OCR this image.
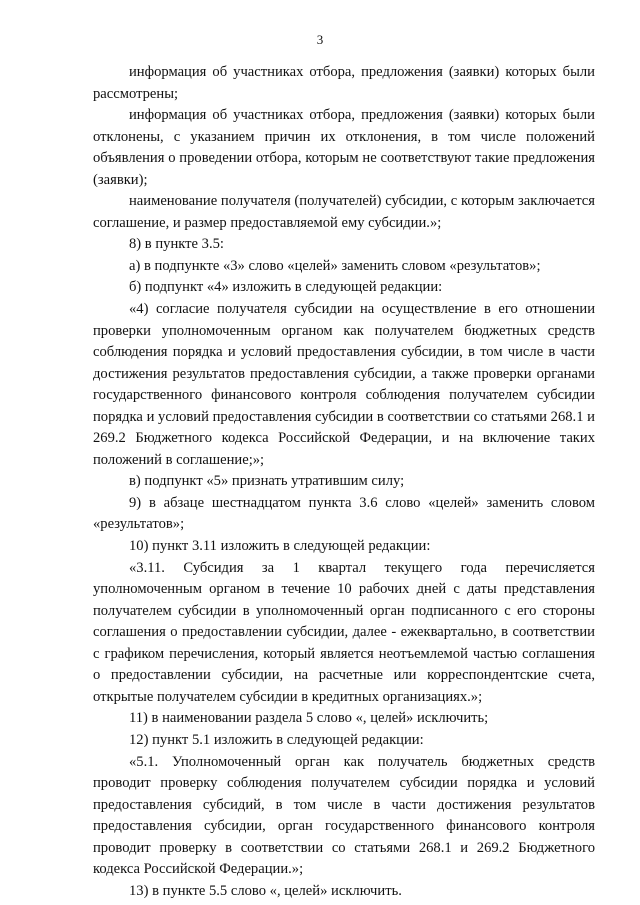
3

информация об участниках отбора, предложения (заявки) которых были рассмотрены;

информация об участниках отбора, предложения (заявки) которых были отклонены, с указанием причин их отклонения, в том числе положений объявления о проведении отбора, которым не соответствуют такие предложения (заявки);

наименование получателя (получателей) субсидии, с которым заключается соглашение, и размер предоставляемой ему субсидии.»;

8) в пункте 3.5:

а) в подпункте «3» слово «целей» заменить словом «результатов»;

б) подпункт «4» изложить в следующей редакции:

«4) согласие получателя субсидии на осуществление в его отношении проверки уполномоченным органом как получателем бюджетных средств соблюдения порядка и условий предоставления субсидии, в том числе в части достижения результатов предоставления субсидии, а также проверки органами государственного финансового контроля соблюдения получателем субсидии порядка и условий предоставления субсидии в соответствии со статьями 268.1 и 269.2 Бюджетного кодекса Российской Федерации, и на включение таких положений в соглашение;»;

в) подпункт «5» признать утратившим силу;

9) в абзаце шестнадцатом пункта 3.6 слово «целей» заменить словом «результатов»;

10) пункт 3.11 изложить в следующей редакции:

«3.11. Субсидия за 1 квартал текущего года перечисляется уполномоченным органом в течение 10 рабочих дней с даты представления получателем субсидии в уполномоченный орган подписанного с его стороны соглашения о предоставлении субсидии, далее - ежеквартально, в соответствии с графиком перечисления, который является неотъемлемой частью соглашения о предоставлении субсидии, на расчетные или корреспондентские счета, открытые получателем субсидии в кредитных организациях.»;

11) в наименовании раздела 5 слово «, целей» исключить;

12) пункт 5.1 изложить в следующей редакции:

«5.1. Уполномоченный орган как получатель бюджетных средств проводит проверку соблюдения получателем субсидии порядка и условий предоставления субсидий, в том числе в части достижения результатов предоставления субсидии, орган государственного финансового контроля проводит проверку в соответствии со статьями 268.1 и 269.2 Бюджетного кодекса Российской Федерации.»;

13) в пункте 5.5 слово «, целей» исключить.
